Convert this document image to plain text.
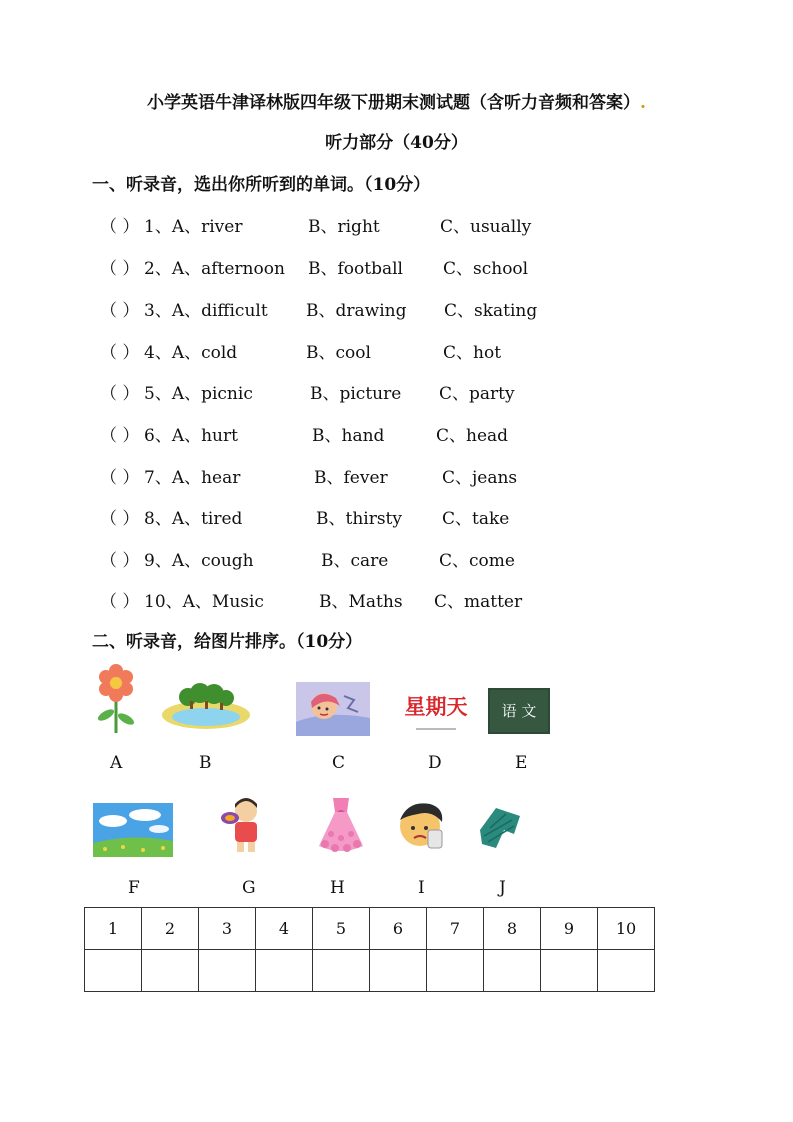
小学英语牛津译林版四年级下册期末测试题（含听力音频和答案）.
听力部分（40分）
一、听录音，选出你所听到的单词。（10分）
（ ） 1、A、river	B、right	C、usually
（ ） 2、A、afternoon B、football C、school
（ ） 3、A、difficult B、drawing C、skating
（ ） 4、A、cold	B、cool	C、hot
（ ） 5、A、picnic	B、picture C、party
（ ） 6、A、hurt	B、hand	C、head
（ ） 7、A、hear	B、fever	C、jeans
（ ） 8、A、tired	B、thirsty C、take
（ ） 9、A、cough	B、care	C、come
（ ） 10、A、Music	B、Maths C、matter
二、听录音，给图片排序。（10分）
星期天 语 文
A	B	C	D	E
F	G	H	I	J
1	2	3	4	5	6	7	8	9	10
